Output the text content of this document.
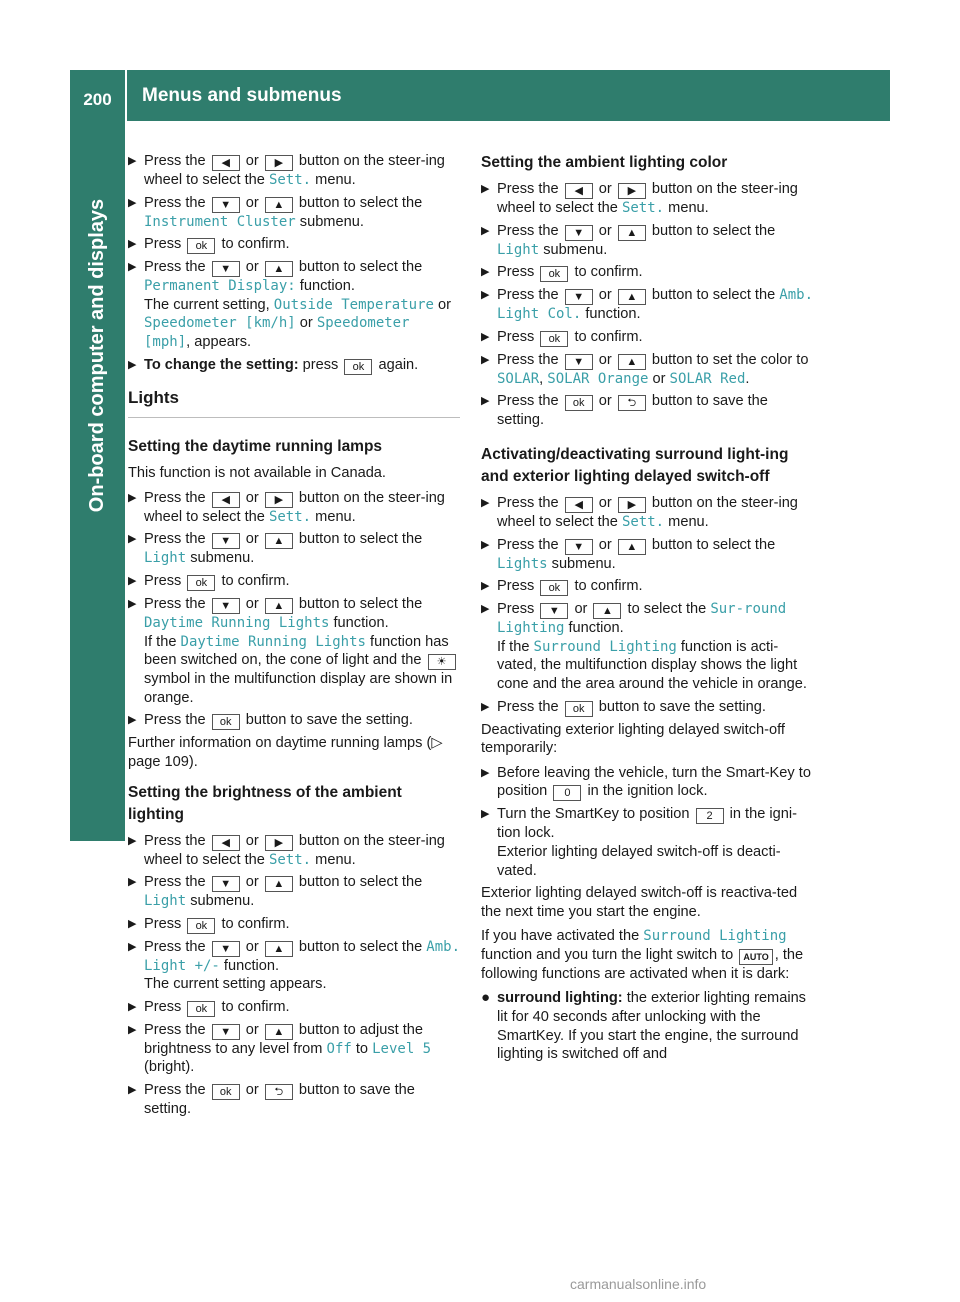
200	Menus and submenus
On-board computer and displays
▶ Press the ◀ or ▶ button on the steer-ing wheel to select the Sett. menu.
▶ Press the ▼ or ▲ button to select the Instrument Cluster submenu.
▶ Press ok to confirm.
▶ Press the ▼ or ▲ button to select the Permanent Display: function.
The current setting, Outside Temperature or Speedometer [km/h] or Speedometer [mph], appears.
▶ To change the setting: press ok again.
Lights
Setting the daytime running lamps

This function is not available in Canada.

▶ Press the ◀ or ▶ button on the steer-ing wheel to select the Sett. menu.
▶ Press the ▼ or ▲ button to select the Light submenu.
▶ Press ok to confirm.
▶ Press the ▼ or ▲ button to select the Daytime Running Lights function.
If the Daytime Running Lights function has been switched on, the cone of light and the ☀ symbol in the multifunction display are shown in orange.
▶ Press the ok button to save the setting.

Further information on daytime running lamps (▷ page 109).

Setting the brightness of the ambient lighting
▶ Press the ◀ or ▶ button on the steer-ing wheel to select the Sett. menu.
▶ Press the ▼ or ▲ button to select the Light submenu.
▶ Press ok to confirm.
▶ Press the ▼ or ▲ button to select the Amb. Light +/- function.
The current setting appears.
▶ Press ok to confirm.
▶ Press the ▼ or ▲ button to adjust the brightness to any level from Off to Level 5 (bright).
▶ Press the ok or ⮌ button to save the setting.
Setting the ambient lighting color
▶ Press the ◀ or ▶ button on the steer-ing wheel to select the Sett. menu.
▶ Press the ▼ or ▲ button to select the Light submenu.
▶ Press ok to confirm.
▶ Press the ▼ or ▲ button to select the Amb. Light Col. function.
▶ Press ok to confirm.
▶ Press the ▼ or ▲ button to set the color to SOLAR, SOLAR Orange or SOLAR Red.
▶ Press the ok or ⮌ button to save the setting.
Activating/deactivating surround light-ing and exterior lighting delayed switch-off
▶ Press the ◀ or ▶ button on the steer-ing wheel to select the Sett. menu.
▶ Press the ▼ or ▲ button to select the Lights submenu.
▶ Press ok to confirm.
▶ Press ▼ or ▲ to select the Sur-round Lighting function.
If the Surround Lighting function is acti-vated, the multifunction display shows the light cone and the area around the vehicle in orange.
▶ Press the ok button to save the setting.

Deactivating exterior lighting delayed switch-off temporarily:

▶ Before leaving the vehicle, turn the Smart-Key to position 0 in the ignition lock.
▶ Turn the SmartKey to position 2 in the igni-tion lock.
Exterior lighting delayed switch-off is deacti-vated.

Exterior lighting delayed switch-off is reactiva-ted the next time you start the engine.

If you have activated the Surround Lighting function and you turn the light switch to AUTO , the following functions are activated when it is dark:

● surround lighting: the exterior lighting remains lit for 40 seconds after unlocking with the SmartKey. If you start the engine, the surround lighting is switched off and
carmanualsonline.info
